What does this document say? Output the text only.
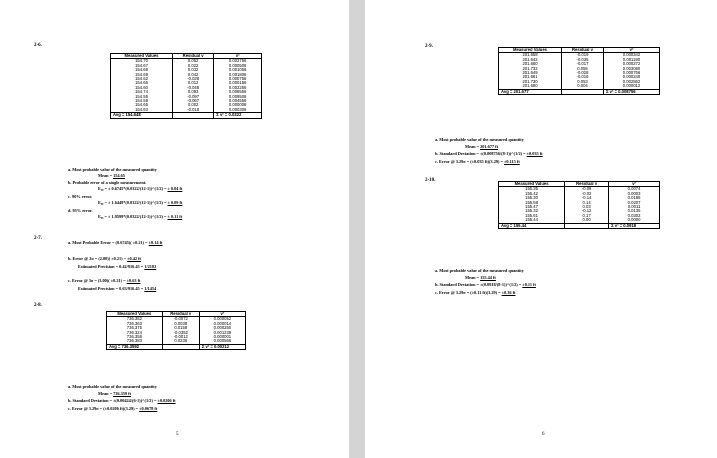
2-6.
Measured Values	Residual v	v²
154.70	0.052	0.002756
154.67	0.022	0.000506
154.68	0.032	0.001056
154.69	0.042	0.001806
154.62	-0.028	0.000756
154.66	0.012	0.000156
154.60	-0.048	0.002256
154.74	0.093	0.008556
154.55	-0.097	0.009506
154.58	-0.067	0.004556
154.65	0.002	0.000006
154.63	-0.018	0.000306
Avg = 154.648		Σ v² = 0.0322
a. Most probable value of the measured quantity
Mean = 154.65
b. Probable error of a single measurement.
E₅₀ = ± 0.6745*(0.0322/(12-1))^(1/2) = ± 0.04 ft
c. 90% error.
E₉₀ = ± 1.6449*(0.0322/(12-1))^(1/2) = ± 0.09 ft
d. 95% error.
E₉₅ = ± 1.9599*(0.0322/(12-1))^(1/2) = ± 0.11 ft
2-7.
a. Most Probable Error = (0.6745)( ±0.21) = ±0.14 ft
b. Error @ 2σ = (2.00)( ±0.21) = ±0.42 ft
Estimated Precision = 0.42/916.45 = 1/2182
c. Error @ 3σ = (3.00)( ±0.21) = ±0.63 ft
Estimated Precision = 0.63/916.45 = 1/1454
2-8.
Measured Values	Residual v	v²
736.352	-0.0072	0.000052
736.363	0.0038	0.000014
736.375	0.0158	0.000250
736.324	-0.0352	0.001239
736.358	-0.0012	0.000001
736.383	0.0238	0.000566
Avg = 736.3592		Σ v² = 0.00212
a. Most probable value of the measured quantity
Mean = 736.359 ft
b. Standard Deviation = ±(0.00424/(6-1))^(1/2) = ±0.0206 ft
c. Error @ 3.29σ = (±0.0206 ft)(3.29) = ±0.0678 ft
5
2-9.
Measured Values	Residual v	v²
201.658	-0.019	0.000342
201.642	-0.035	0.001190
201.660	-0.017	0.000272
201.732	0.055	0.003080
201.649	-0.028	0.000756
201.661	-0.016	0.000240
201.730	0.053	0.002862
201.680	0.004	0.000012
Avg = 201.677		Σ v² = 0.008756
a. Most probable value of the measured quantity
Mean = 201.677 ft
b. Standard Deviation = ±(0.008756/(8-1))^(1/2) = ±0.035 ft
c. Error @ 3.29σ = (±0.035 ft)(3.29) = ±0.115 ft
2-10.
Measured Values	Residual v	v²
155.35	-0.09	0.0074
155.42	-0.02	0.0003
155.30	-0.14	0.0186
155.58	0.14	0.0207
155.47	0.03	0.0011
155.32	-0.12	0.0135
155.61	0.17	0.0302
155.44	0.00	0.0000
Avg = 155.44		Σ v² = 0.0918
a. Most probable value of the measured quantity
Mean = 155.44 ft
b. Standard Deviation = ±(0.0918/(8-1))^(1/2) = ±0.11 ft
c. Error @ 3.29σ = (±0.11 ft)(3.29) = ±0.36 ft
6
